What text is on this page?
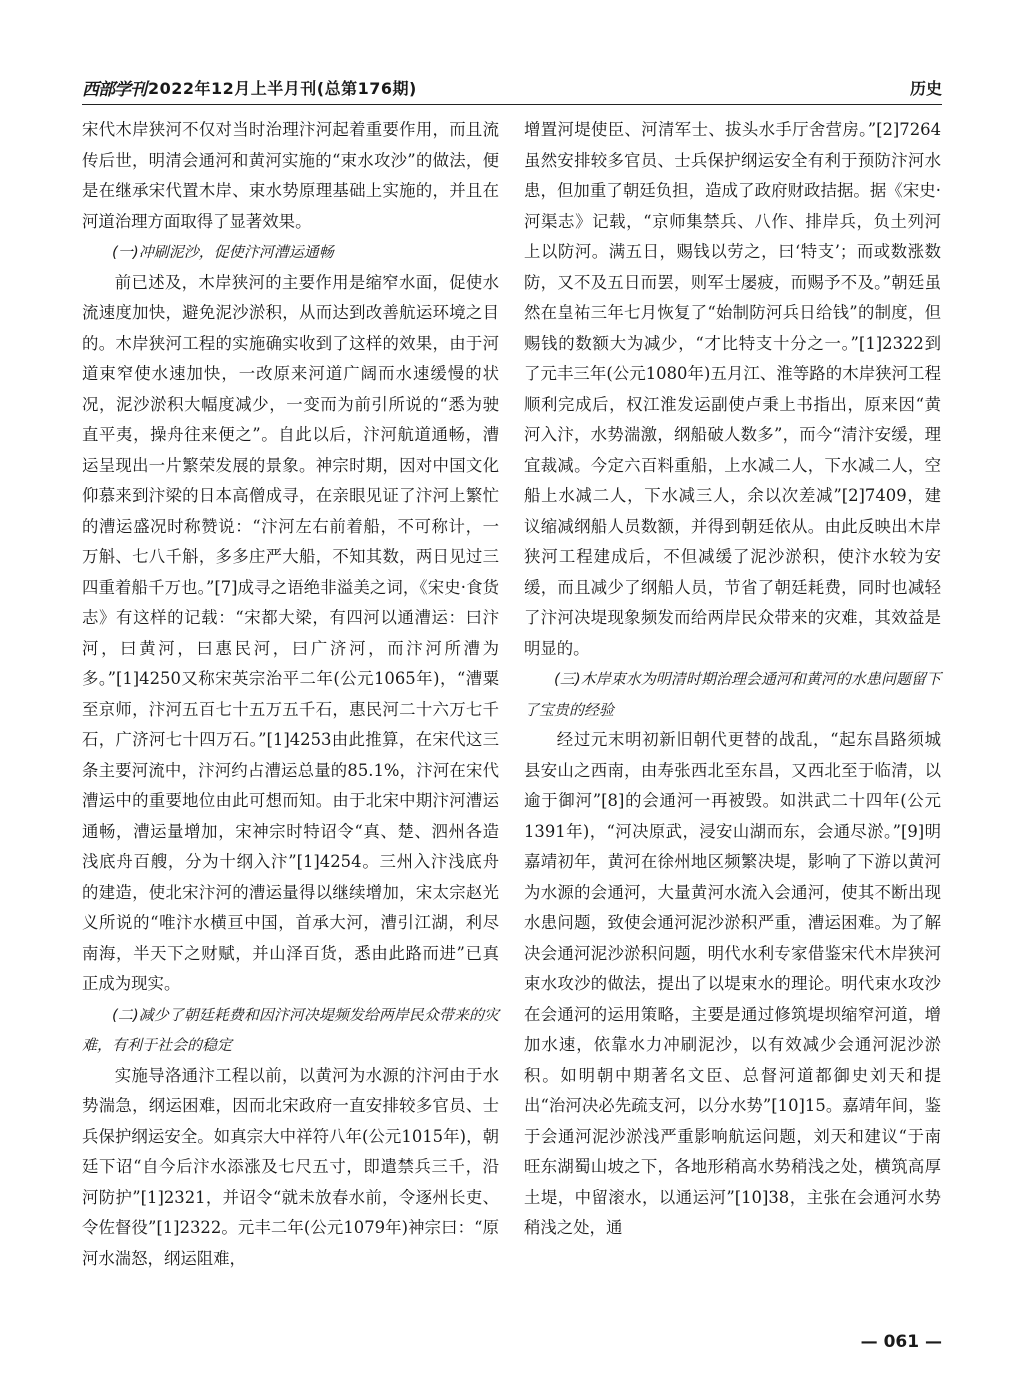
西部学刊 2022年12月上半月刊(总第176期)	历史

宋代木岸狭河不仅对当时治理汴河起着重要作用，而且流传后世，明清会通河和黄河实施的“束水攻沙”的做法，便是在继承宋代置木岸、束水势原理基础上实施的，并且在河道治理方面取得了显著效果。

(一)冲刷泥沙，促使汴河漕运通畅

前已述及，木岸狭河的主要作用是缩窄水面，促使水流速度加快，避免泥沙淤积，从而达到改善航运环境之目的。木岸狭河工程的实施确实收到了这样的效果，由于河道束窄使水速加快，一改原来河道广阔而水速缓慢的状况，泥沙淤积大幅度减少，一变而为前引所说的“悉为驶直平夷，操舟往来便之”。自此以后，汴河航道通畅，漕运呈现出一片繁荣发展的景象。神宗时期，因对中国文化仰慕来到汴梁的日本高僧成寻，在亲眼见证了汴河上繁忙的漕运盛况时称赞说：“汴河左右前着船，不可称计，一万斛、七八千斛，多多庄严大船，不知其数，两日见过三四重着船千万也。”[7]成寻之语绝非溢美之词，《宋史·食货志》有这样的记载：“宋都大梁，有四河以通漕运：曰汴河，曰黄河，曰惠民河，曰广济河，而汴河所漕为多。”[1]4250又称宋英宗治平二年(公元1065年)，“漕粟至京师，汴河五百七十五万五千石，惠民河二十六万七千石，广济河七十四万石。”[1]4253由此推算，在宋代这三条主要河流中，汴河约占漕运总量的85.1%，汴河在宋代漕运中的重要地位由此可想而知。由于北宋中期汴河漕运通畅，漕运量增加，宋神宗时特诏令“真、楚、泗州各造浅底舟百艘，分为十纲入汴”[1]4254。三州入汴浅底舟的建造，使北宋汴河的漕运量得以继续增加，宋太宗赵光义所说的“唯汴水横亘中国，首承大河，漕引江湖，利尽南海，半天下之财赋，并山泽百货，悉由此路而进”已真正成为现实。

(二)减少了朝廷耗费和因汴河决堤频发给两岸民众带来的灾难，有利于社会的稳定

实施导洛通汴工程以前，以黄河为水源的汴河由于水势湍急，纲运困难，因而北宋政府一直安排较多官员、士兵保护纲运安全。如真宗大中祥符八年(公元1015年)，朝廷下诏“自今后汴水添涨及七尺五寸，即遣禁兵三千，沿河防护”[1]2321，并诏令“就未放春水前，令逐州长吏、令佐督役”[1]2322。元丰二年(公元1079年)神宗曰：“原河水湍怒，纲运阻难，

增置河堤使臣、河清军士、拔头水手厅舍营房。”[2]7264虽然安排较多官员、士兵保护纲运安全有利于预防汴河水患，但加重了朝廷负担，造成了政府财政拮据。据《宋史·河渠志》记载，“京师集禁兵、八作、排岸兵，负土列河上以防河。满五日，赐钱以劳之，曰‘特支’；而或数涨数防，又不及五日而罢，则军士屡疲，而赐予不及。”朝廷虽然在皇祐三年七月恢复了“始制防河兵日给钱”的制度，但赐钱的数额大为减少，“才比特支十分之一。”[1]2322到了元丰三年(公元1080年)五月江、淮等路的木岸狭河工程顺利完成后，权江淮发运副使卢秉上书指出，原来因“黄河入汴，水势湍激，纲船破人数多”，而今“清汴安缓，理宜裁减。今定六百料重船，上水减二人，下水减二人，空船上水减二人，下水减三人，余以次差减”[2]7409，建议缩减纲船人员数额，并得到朝廷依从。由此反映出木岸狭河工程建成后，不但减缓了泥沙淤积，使汴水较为安缓，而且减少了纲船人员，节省了朝廷耗费，同时也减轻了汴河决堤现象频发而给两岸民众带来的灾难，其效益是明显的。

(三)木岸束水为明清时期治理会通河和黄河的水患问题留下了宝贵的经验

经过元末明初新旧朝代更替的战乱，“起东昌路须城县安山之西南，由寿张西北至东昌，又西北至于临清，以逾于御河”[8]的会通河一再被毁。如洪武二十四年(公元1391年)，“河决原武，浸安山湖而东，会通尽淤。”[9]明嘉靖初年，黄河在徐州地区频繁决堤，影响了下游以黄河为水源的会通河，大量黄河水流入会通河，使其不断出现水患问题，致使会通河泥沙淤积严重，漕运困难。为了解决会通河泥沙淤积问题，明代水利专家借鉴宋代木岸狭河束水攻沙的做法，提出了以堤束水的理论。明代束水攻沙在会通河的运用策略，主要是通过修筑堤坝缩窄河道，增加水速，依靠水力冲刷泥沙，以有效减少会通河泥沙淤积。如明朝中期著名文臣、总督河道都御史刘天和提出“治河决必先疏支河，以分水势”[10]15。嘉靖年间，鉴于会通河泥沙淤浅严重影响航运问题，刘天和建议“于南旺东湖蜀山坡之下，各地形稍高水势稍浅之处，横筑高厚土堤，中留滚水，以通运河”[10]38，主张在会通河水势稍浅之处，通

— 061 —
